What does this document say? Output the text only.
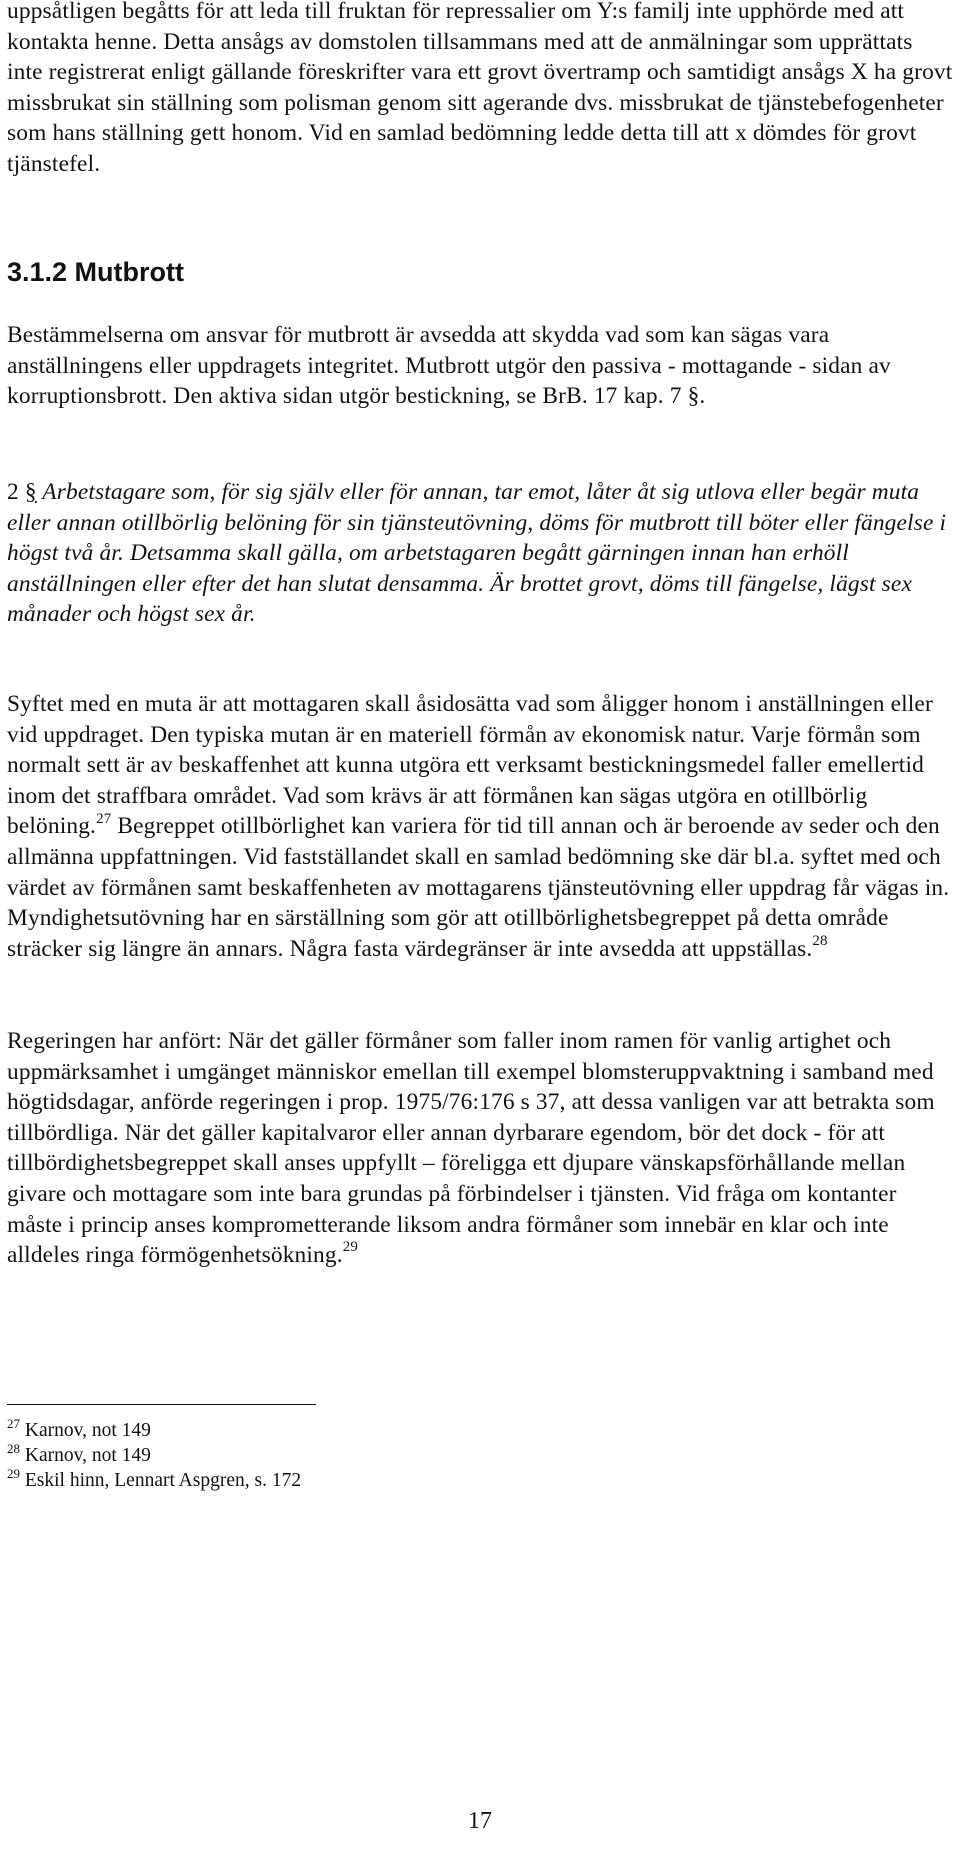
uppsåtligen begåtts för att leda till fruktan för repressalier om Y:s familj inte upphörde med att kontakta henne. Detta ansågs av domstolen tillsammans med att de anmälningar som upprättats inte registrerat enligt gällande föreskrifter vara ett grovt övertramp och samtidigt ansågs X ha grovt missbrukat sin ställning som polisman genom sitt agerande dvs. missbrukat de tjänstebefogenheter som hans ställning gett honom. Vid en samlad bedömning ledde detta till att x dömdes för grovt tjänstefel.

3.1.2 Mutbrott

Bestämmelserna om ansvar för mutbrott är avsedda att skydda vad som kan sägas vara anställningens eller uppdragets integritet. Mutbrott utgör den passiva - mottagande - sidan av korruptionsbrott. Den aktiva sidan utgör bestickning, se BrB. 17 kap. 7 §.

2 § Arbetstagare som, för sig själv eller för annan, tar emot, låter åt sig utlova eller begär muta eller annan otillbörlig belöning för sin tjänsteutövning, döms för mutbrott till böter eller fängelse i högst två år. Detsamma skall gälla, om arbetstagaren begått gärningen innan han erhöll anställningen eller efter det han slutat densamma. Är brottet grovt, döms till fängelse, lägst sex månader och högst sex år.

Syftet med en muta är att mottagaren skall åsidosätta vad som åligger honom i anställningen eller vid uppdraget. Den typiska mutan är en materiell förmån av ekonomisk natur. Varje förmån som normalt sett är av beskaffenhet att kunna utgöra ett verksamt bestickningsmedel faller emellertid inom det straffbara området. Vad som krävs är att förmånen kan sägas utgöra en otillbörlig belöning.$^{27}$ Begreppet otillbörlighet kan variera för tid till annan och är beroende av seder och den allmänna uppfattningen. Vid fastställandet skall en samlad bedömning ske där bl.a. syftet med och värdet av förmånen samt beskaffenheten av mottagarens tjänsteutövning eller uppdrag får vägas in. Myndighetsutövning har en särställning som gör att otillbörlighetsbegreppet på detta område sträcker sig längre än annars. Några fasta värdegränser är inte avsedda att uppställas.$^{28}$

Regeringen har anfört: När det gäller förmåner som faller inom ramen för vanlig artighet och uppmärksamhet i umgänget människor emellan till exempel blomsteruppvaktning i samband med högtidsdagar, anförde regeringen i prop. 1975/76:176 s 37, att dessa vanligen var att betrakta som tillbördliga. När det gäller kapitalvaror eller annan dyrbarare egendom, bör det dock - för att tillbördighetsbegreppet skall anses uppfyllt – föreligga ett djupare vänskapsförhållande mellan givare och mottagare som inte bara grundas på förbindelser i tjänsten. Vid fråga om kontanter måste i princip anses komprometterande liksom andra förmåner som innebär en klar och inte alldeles ringa förmögenhetsökning.$^{29}$

$^{27}$ Karnov, not 149

$^{28}$ Karnov, not 149

$^{29}$ Eskil hinn, Lennart Aspgren, s. 172

17
